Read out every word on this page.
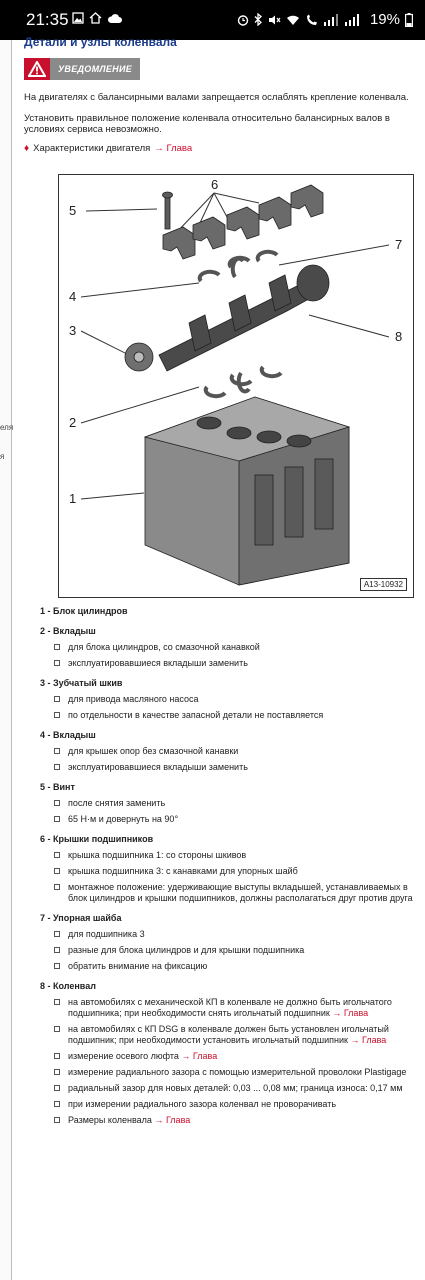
21:35	19%
еля
я
Детали и узлы коленвала
УВЕДОМЛЕНИЕ

На двигателях с балансирными валами запрещается ослаблять крепление коленвала.

Установить правильное положение коленвала относительно балансирных валов в условиях сервиса невозможно.

♦ Характеристики двигателя → Глава
5
6
7
4
3	8
2
1
A13-10932
1 - Блок цилиндров
2 - Вкладыш
для блока цилиндров, со смазочной канавкой
эксплуатировавшиеся вкладыши заменить
3 - Зубчатый шкив
для привода масляного насоса
по отдельности в качестве запасной детали не поставляется
4 - Вкладыш
для крышек опор без смазочной канавки
эксплуатировавшиеся вкладыши заменить
5 - Винт
после снятия заменить
65 Н·м и довернуть на 90°
6 - Крышки подшипников
крышка подшипника 1: со стороны шкивов
крышка подшипника 3: с канавками для упорных шайб
монтажное положение: удерживающие выступы вкладышей, устанавливаемых в блок цилиндров и крышки подшипников, должны располагаться друг против друга
7 - Упорная шайба
для подшипника 3
разные для блока цилиндров и для крышки подшипника
обратить внимание на фиксацию
8 - Коленвал
на автомобилях с механической КП в коленвале не должно быть игольчатого подшипника; при необходимости снять игольчатый подшипник → Глава
на автомобилях с КП DSG в коленвале должен быть установлен игольчатый подшипник; при необходимости установить игольчатый подшипник → Глава
измерение осевого люфта → Глава
измерение радиального зазора с помощью измерительной проволоки Plastigage
радиальный зазор для новых деталей: 0,03 ... 0,08 мм; граница износа: 0,17 мм
при измерении радиального зазора коленвал не проворачивать
Размеры коленвала → Глава
